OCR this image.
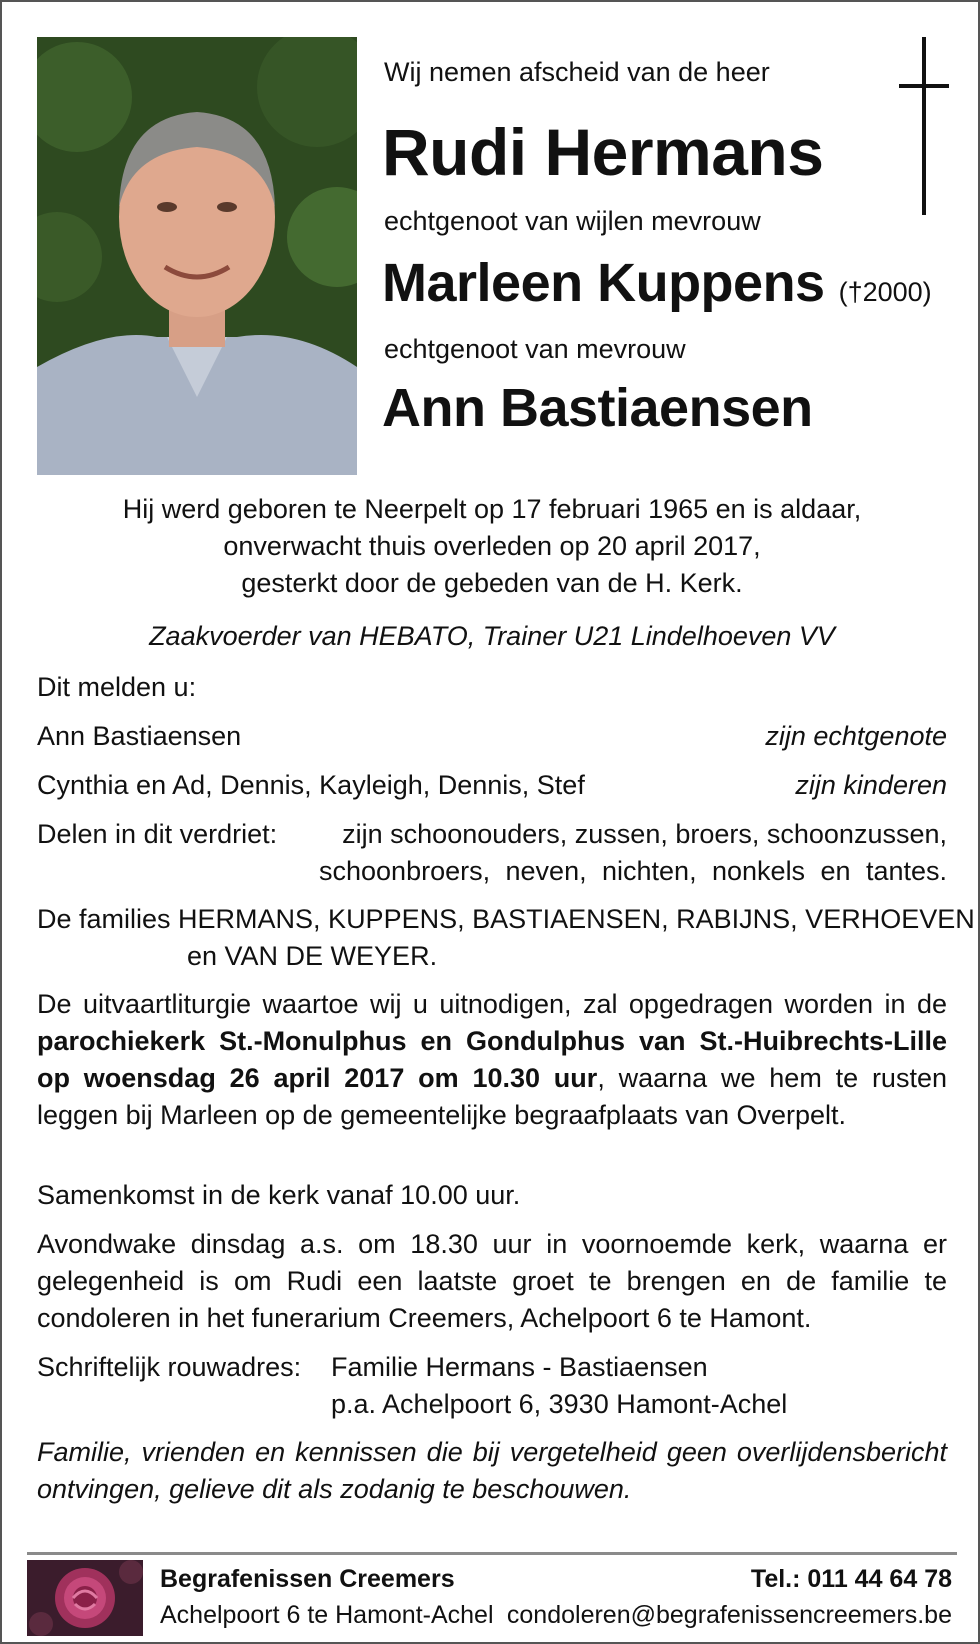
Wij nemen afscheid van de heer
Rudi Hermans
echtgenoot van wijlen mevrouw
Marleen Kuppens (†2000)
echtgenoot van mevrouw
Ann Bastiaensen
Hij werd geboren te Neerpelt op 17 februari 1965 en is aldaar,
onverwacht thuis overleden op 20 april 2017,
gesterkt door de gebeden van de H. Kerk.
Zaakvoerder van HEBATO, Trainer U21 Lindelhoeven VV
Dit melden u:
Ann Bastiaensen	zijn echtgenote
Cynthia en Ad, Dennis, Kayleigh, Dennis, Stef	zijn kinderen
Delen in dit verdriet: zijn schoonouders, zussen, broers, schoonzussen,
schoonbroers, neven, nichten, nonkels en tantes.
De families HERMANS, KUPPENS, BASTIAENSEN, RABIJNS, VERHOEVEN
en VAN DE WEYER.
De uitvaartliturgie waartoe wij u uitnodigen, zal opgedragen worden in de parochiekerk St.-Monulphus en Gondulphus van St.-Huibrechts-Lille op woensdag 26 april 2017 om 10.30 uur, waarna we hem te rusten leggen bij Marleen op de gemeentelijke begraafplaats van Overpelt.
Samenkomst in de kerk vanaf 10.00 uur.
Avondwake dinsdag a.s. om 18.30 uur in voornoemde kerk, waarna er gelegenheid is om Rudi een laatste groet te brengen en de familie te condoleren in het funerarium Creemers, Achelpoort 6 te Hamont.
Schriftelijk rouwadres: Familie Hermans - Bastiaensen
p.a. Achelpoort 6, 3930 Hamont-Achel
Familie, vrienden en kennissen die bij vergetelheid geen overlijdensbericht ontvingen, gelieve dit als zodanig te beschouwen.
Begrafenissen Creemers
Achelpoort 6 te Hamont-Achel
Tel.: 011 44 64 78
condoleren@begrafenissencreemers.be
